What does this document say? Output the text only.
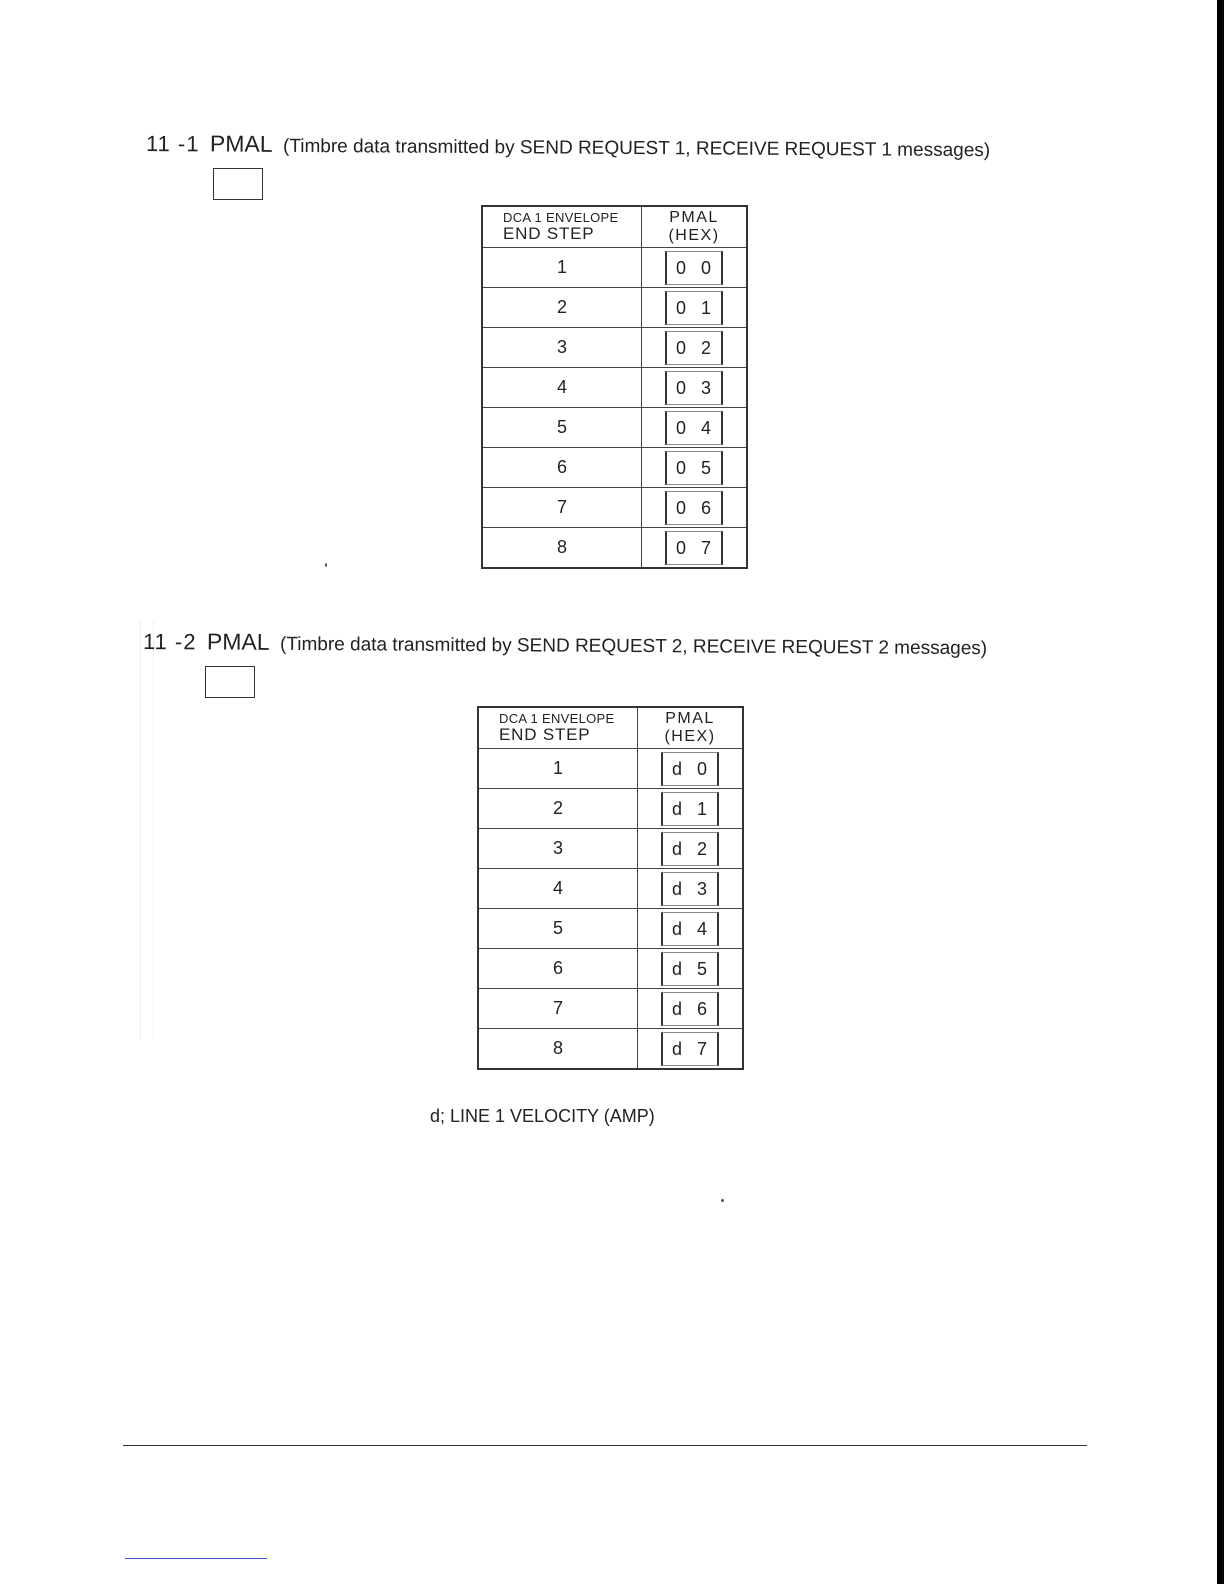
11 -1 PMAL (Timbre data transmitted by SEND REQUEST 1, RECEIVE REQUEST 1 messages)
DCA 1 ENVELOPE
END STEP	PMAL
(HEX)

1	0 0
2	0 1
3	0 2
4	0 3
5	0 4
6	0 5
7	0 6
8	0 7
11 -2 PMAL (Timbre data transmitted by SEND REQUEST 2, RECEIVE REQUEST 2 messages)
DCA 1 ENVELOPE
END STEP	PMAL
(HEX)

1	d 0
2	d 1
3	d 2
4	d 3
5	d 4
6	d 5
7	d 6
8	d 7
d; LINE 1 VELOCITY (AMP)
